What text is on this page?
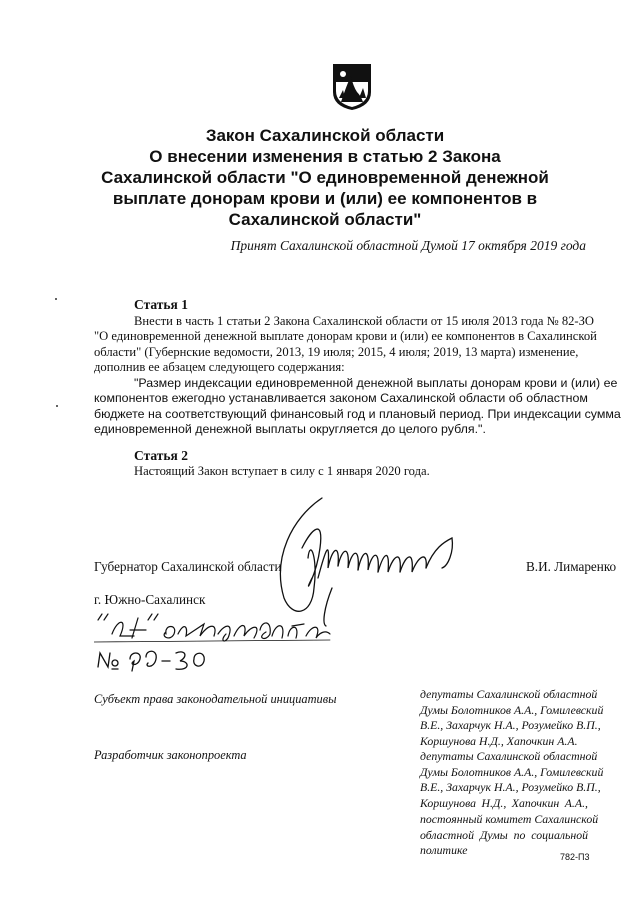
Закон Сахалинской области
О внесении изменения в статью 2 Закона
Сахалинской области "О единовременной денежной
выплате донорам крови и (или) ее компонентов в
Сахалинской области"
Принят Сахалинской областной Думой 17 октября 2019 года
Статья 1
Внести в часть 1 статьи 2 Закона Сахалинской области от 15 июля 2013 года № 82-ЗО
"О единовременной денежной выплате донорам крови и (или) ее компонентов в Сахалинской
области" (Губернские ведомости, 2013, 19 июля; 2015, 4 июля; 2019, 13 марта) изменение,
дополнив ее абзацем следующего содержания:
"Размер индексации единовременной денежной выплаты донорам крови и (или) ее
компонентов ежегодно устанавливается законом Сахалинской области об областном
бюджете на соответствующий финансовый год и плановый период. При индексации сумма
единовременной денежной выплаты округляется до целого рубля.".
Статья 2
Настоящий Закон вступает в силу с 1 января 2020 года.
Губернатор Сахалинской области	В.И. Лимаренко
г. Южно-Сахалинск
Субъект права законодательной инициативы	депутаты Сахалинской областной
Думы Болотников А.А., Гомилевский
В.Е., Захарчук Н.А., Розумейко В.П.,
Коршунова Н.Д., Хапочкин А.А.
Разработчик законопроекта	депутаты Сахалинской областной
Думы Болотников А.А., Гомилевский
В.Е., Захарчук Н.А., Розумейко В.П.,
Коршунова Н.Д., Хапочкин А.А.,
постоянный комитет Сахалинской
областной Думы по социальной
политике	782-П3
